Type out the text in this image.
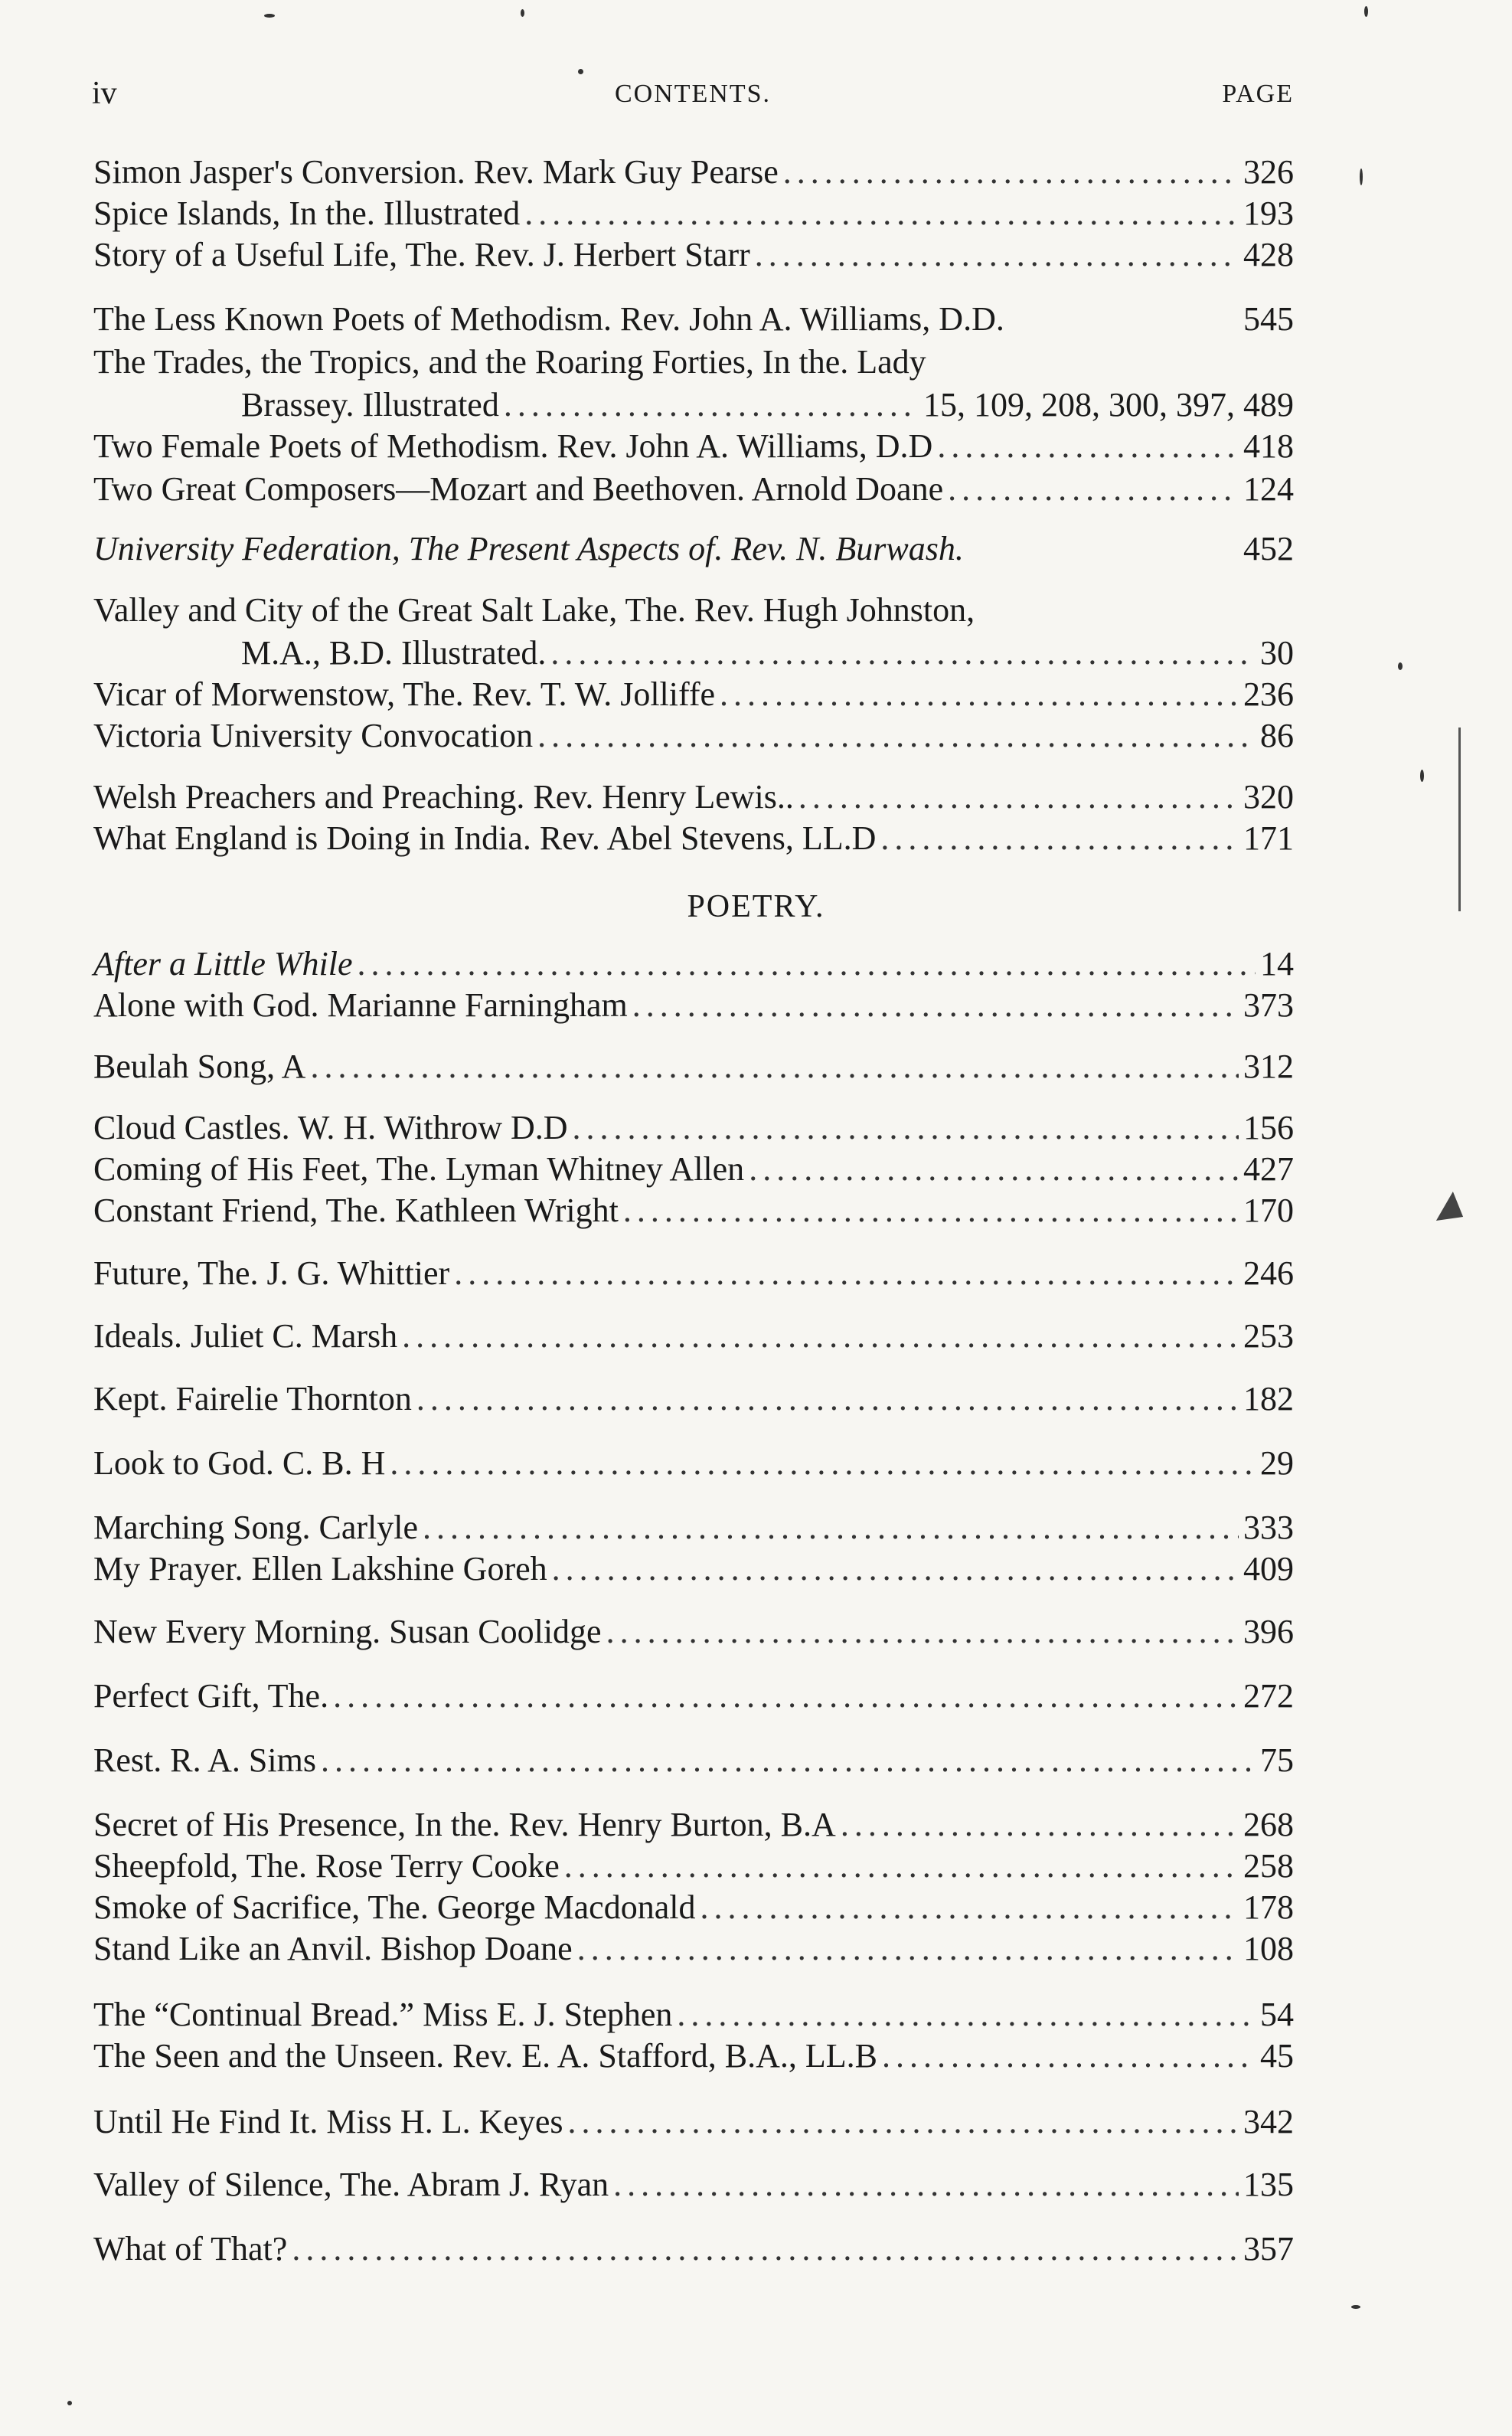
iv	CONTENTS.	PAGE
Simon Jasper's Conversion. Rev. Mark Guy Pearse . . .	326
Spice Islands, In the. Illustrated . . .	193
Story of a Useful Life, The. Rev. J. Herbert Starr . . .	428
The Less Known Poets of Methodism. Rev. John A. Williams, D.D.	545
The Trades, the Tropics, and the Roaring Forties, In the. Lady
Brassey. Illustrated . . .	15, 109, 208, 300, 397, 489
Two Female Poets of Methodism. Rev. John A. Williams, D.D . . .	418
Two Great Composers—Mozart and Beethoven. Arnold Doane . . .	124
University Federation, The Present Aspects of. Rev. N. Burwash.	452
Valley and City of the Great Salt Lake, The. Rev. Hugh Johnston,
M.A., B.D. Illustrated. . . .	30
Vicar of Morwenstow, The. Rev. T. W. Jolliffe . . .	236
Victoria University Convocation . . .	86
Welsh Preachers and Preaching. Rev. Henry Lewis.. . . .	320
What England is Doing in India. Rev. Abel Stevens, LL.D . . .	171
POETRY.
After a Little While . . .	14
Alone with God. Marianne Farningham . . .	373
Beulah Song, A . . .	312
Cloud Castles. W. H. Withrow D.D . . .	156
Coming of His Feet, The. Lyman Whitney Allen . . .	427
Constant Friend, The. Kathleen Wright . . .	170
Future, The. J. G. Whittier . . .	246
Ideals. Juliet C. Marsh . . .	253
Kept. Fairelie Thornton . . .	182
Look to God. C. B. H . . .	29
Marching Song. Carlyle . . .	333
My Prayer. Ellen Lakshine Goreh . . .	409
New Every Morning. Susan Coolidge . . .	396
Perfect Gift, The. . . .	272
Rest. R. A. Sims . . .	75
Secret of His Presence, In the. Rev. Henry Burton, B.A . . .	268
Sheepfold, The. Rose Terry Cooke . . .	258
Smoke of Sacrifice, The. George Macdonald . . .	178
Stand Like an Anvil. Bishop Doane . . .	108
The “Continual Bread.” Miss E. J. Stephen . . .	54
The Seen and the Unseen. Rev. E. A. Stafford, B.A., LL.B . . .	45
Until He Find It. Miss H. L. Keyes . . .	342
Valley of Silence, The. Abram J. Ryan . . .	135
What of That? . . .	357
